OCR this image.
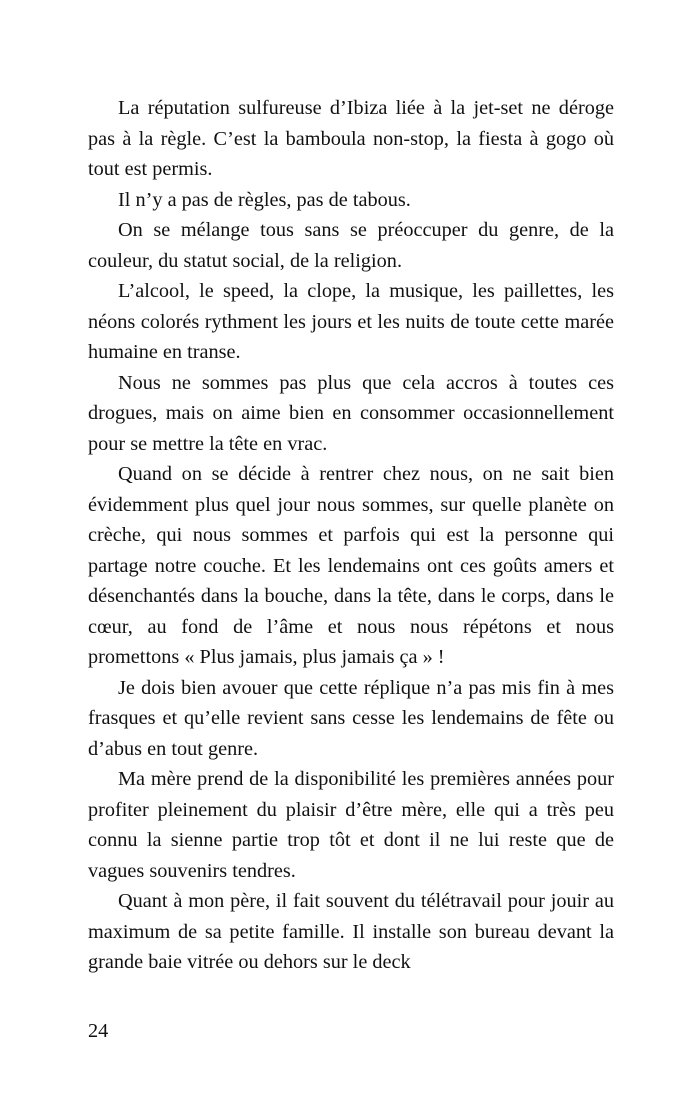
La réputation sulfureuse d’Ibiza liée à la jet-set ne déroge pas à la règle. C’est la bamboula non-stop, la fiesta à gogo où tout est permis.

Il n’y a pas de règles, pas de tabous.

On se mélange tous sans se préoccuper du genre, de la couleur, du statut social, de la religion.

L’alcool, le speed, la clope, la musique, les paillettes, les néons colorés rythment les jours et les nuits de toute cette marée humaine en transe.

Nous ne sommes pas plus que cela accros à toutes ces drogues, mais on aime bien en consommer occasionnellement pour se mettre la tête en vrac.

Quand on se décide à rentrer chez nous, on ne sait bien évidemment plus quel jour nous sommes, sur quelle planète on crèche, qui nous sommes et parfois qui est la personne qui partage notre couche. Et les lendemains ont ces goûts amers et désenchantés dans la bouche, dans la tête, dans le corps, dans le cœur, au fond de l’âme et nous nous répétons et nous promettons « Plus jamais, plus jamais ça » !

Je dois bien avouer que cette réplique n’a pas mis fin à mes frasques et qu’elle revient sans cesse les lendemains de fête ou d’abus en tout genre.

Ma mère prend de la disponibilité les premières années pour profiter pleinement du plaisir d’être mère, elle qui a très peu connu la sienne partie trop tôt et dont il ne lui reste que de vagues souvenirs tendres.

Quant à mon père, il fait souvent du télétravail pour jouir au maximum de sa petite famille. Il installe son bureau devant la grande baie vitrée ou dehors sur le deck

24
